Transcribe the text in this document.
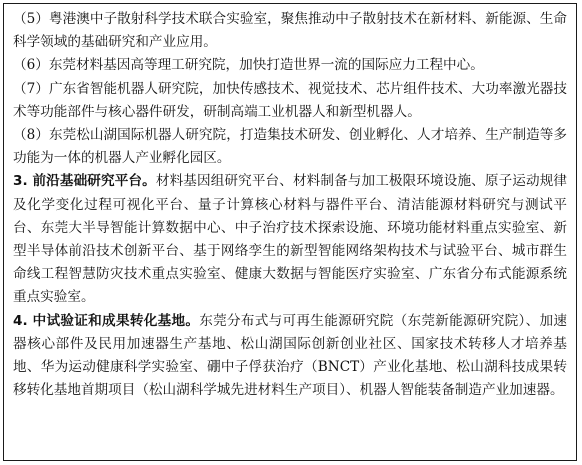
（5）粤港澳中子散射科学技术联合实验室，聚焦推动中子散射技术在新材料、新能源、生命科学领域的基础研究和产业应用。

（6）东莞材料基因高等理工研究院，加快打造世界一流的国际应力工程中心。

（7）广东省智能机器人研究院，加快传感技术、视觉技术、芯片组件技术、大功率激光器技术等功能部件与核心器件研发，研制高端工业机器人和新型机器人。

（8）东莞松山湖国际机器人研究院，打造集技术研发、创业孵化、人才培养、生产制造等多功能为一体的机器人产业孵化园区。

3. 前沿基础研究平台。材料基因组研究平台、材料制备与加工极限环境设施、原子运动规律及化学变化过程可视化平台、量子计算核心材料与器件平台、清洁能源材料研究与测试平台、东莞大半导智能计算数据中心、中子治疗技术探索设施、环境功能材料重点实验室、新型半导体前沿技术创新平台、基于网络孪生的新型智能网络架构技术与试验平台、城市群生命线工程智慧防灾技术重点实验室、健康大数据与智能医疗实验室、广东省分布式能源系统重点实验室。

4. 中试验证和成果转化基地。东莞分布式与可再生能源研究院（东莞新能源研究院）、加速器核心部件及民用加速器生产基地、松山湖国际创新创业社区、国家技术转移人才培养基地、华为运动健康科学实验室、硼中子俘获治疗（BNCT）产业化基地、松山湖科技成果转移转化基地首期项目（松山湖科学城先进材料生产项目）、机器人智能装备制造产业加速器。
